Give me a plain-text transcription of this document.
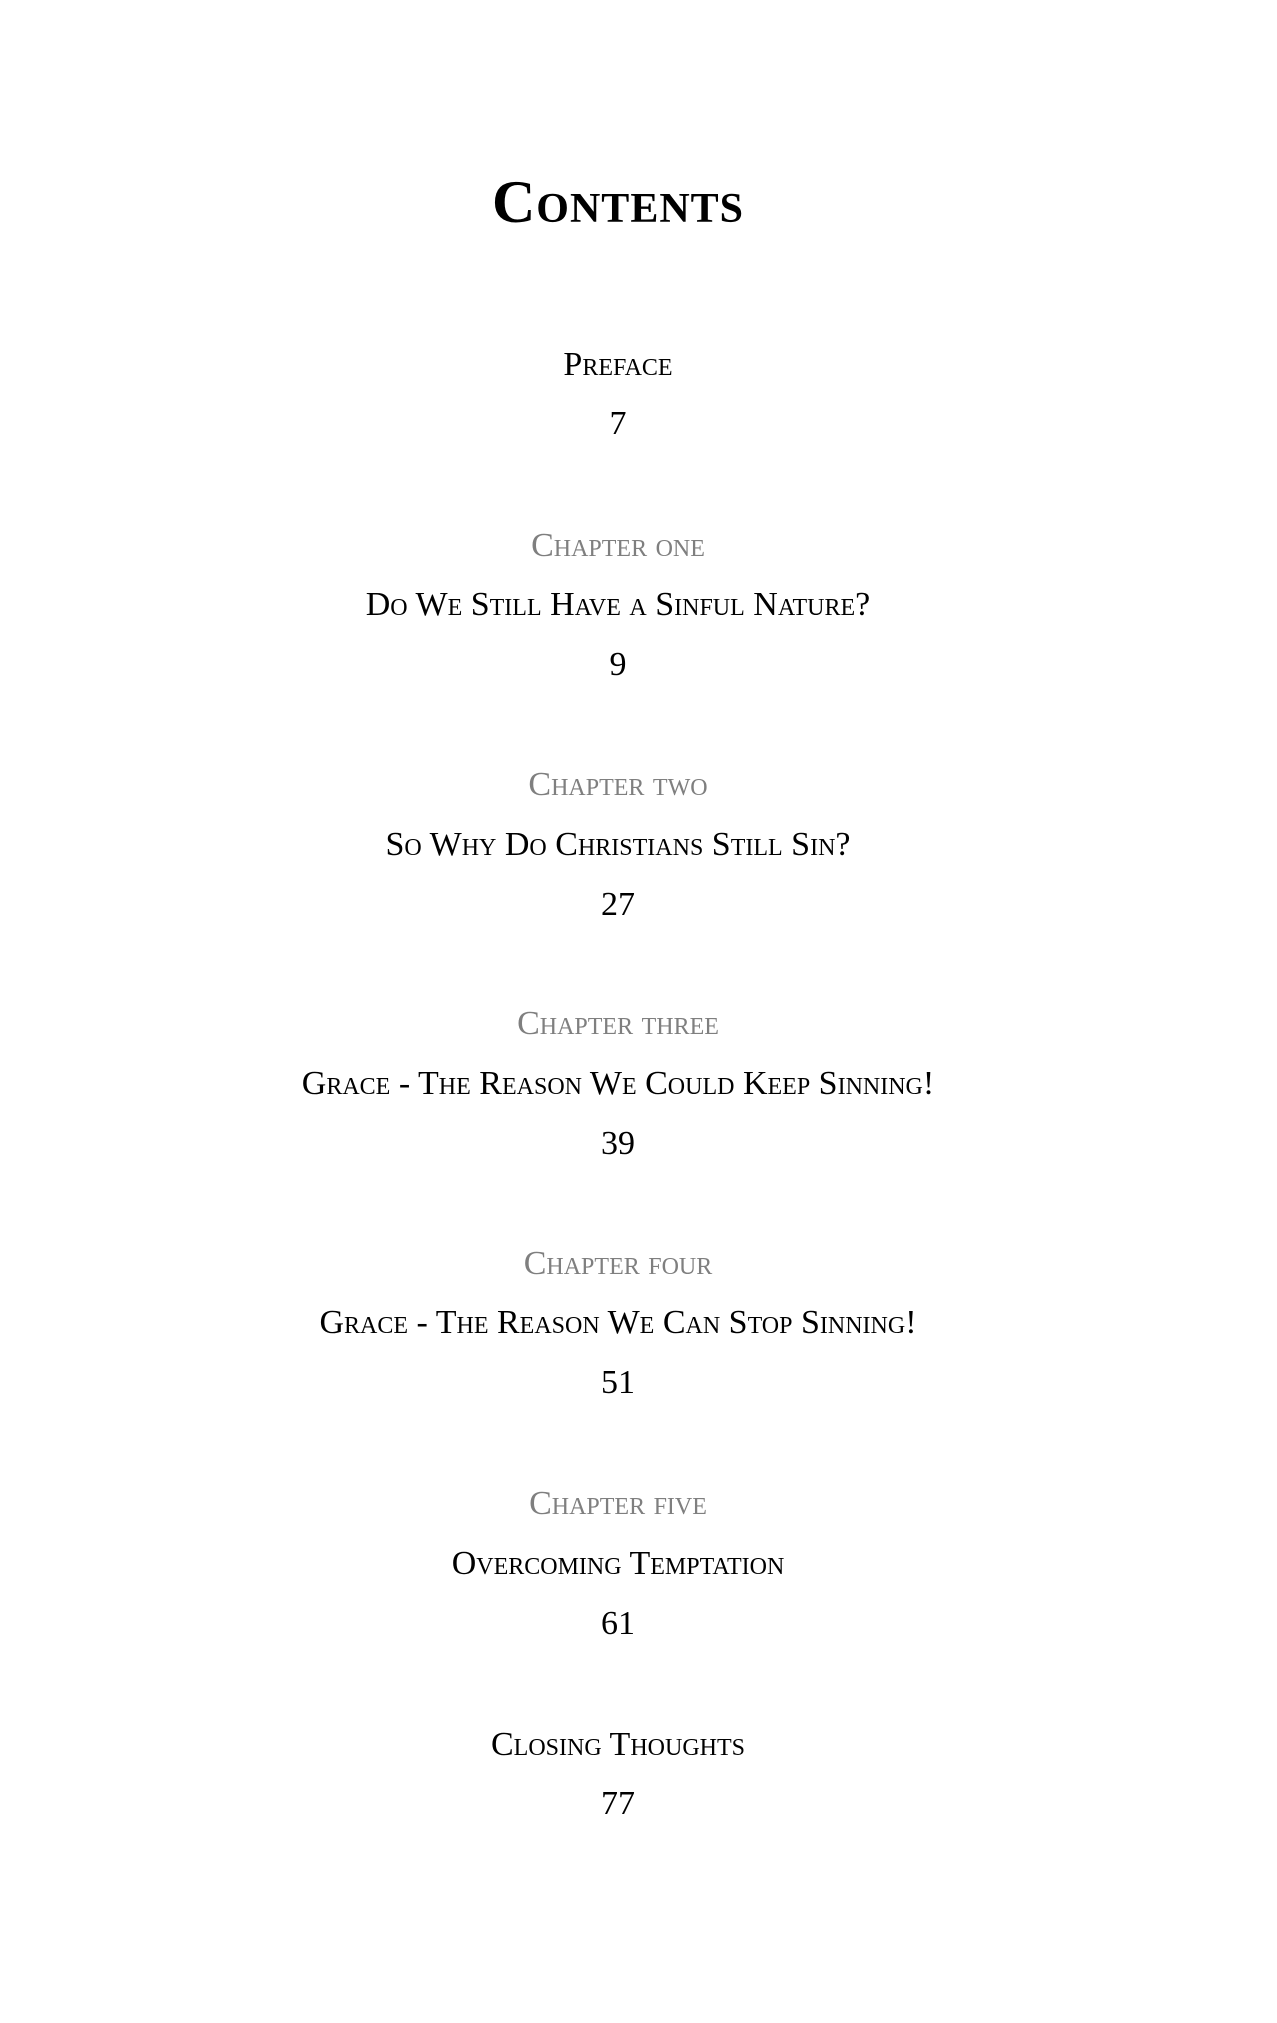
Contents
Preface
7
Chapter one
Do We Still Have a Sinful Nature?
9
Chapter two
So Why Do Christians Still Sin?
27
Chapter three
Grace - The Reason We Could Keep Sinning!
39
Chapter four
Grace - The Reason We Can Stop Sinning!
51
Chapter five
Overcoming Temptation
61
Closing Thoughts
77
